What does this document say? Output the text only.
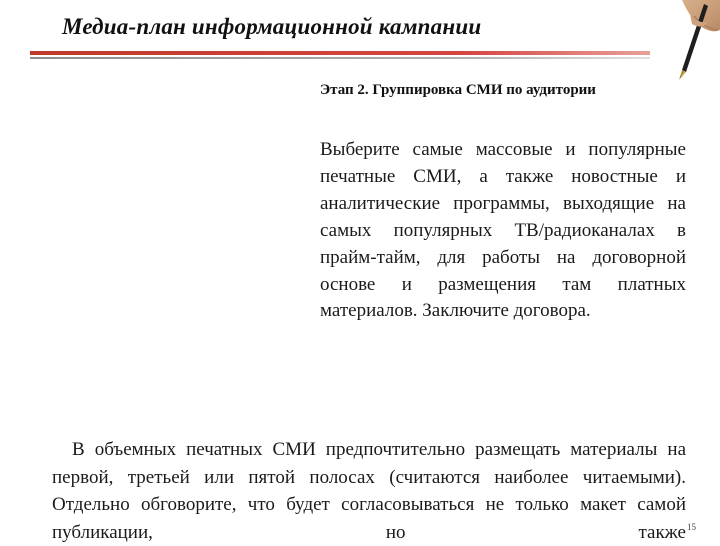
Медиа-план информационной кампании
Этап 2. Группировка СМИ по аудитории

Выберите самые массовые и популярные печатные СМИ, а также новостные и аналитические программы, выходящие на самых популярных ТВ/радиоканалах в прайм-тайм, для работы на договорной основе и размещения там платных материалов. Заключите договора.

В объемных печатных СМИ предпочтительно размещать материалы на первой, третьей или пятой полосах (считаются наиболее читаемыми). Отдельно обговорите, что будет согласовываться не только макет самой публикации, но также 15
